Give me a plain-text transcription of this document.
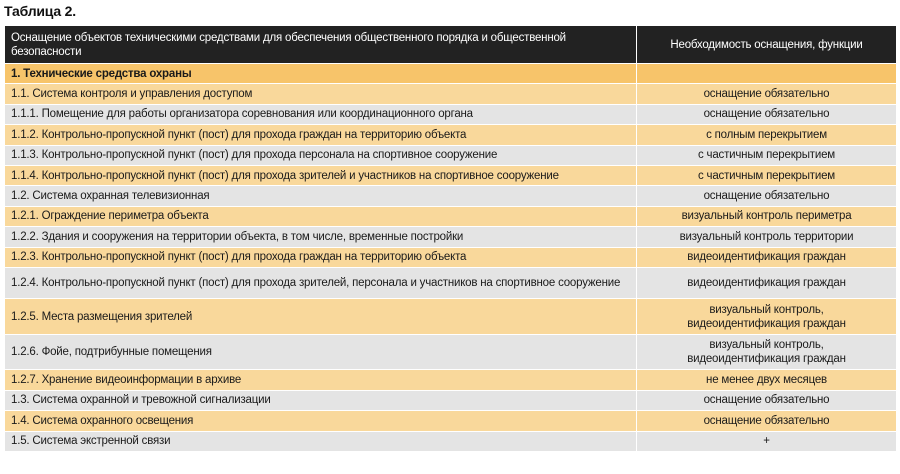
Таблица 2.
Оснащение объектов техническими средствами для обеспечения общественного порядка и общественной безопасности	Необходимость оснащения, функции
1. Технические средства охраны	
1.1. Система контроля и управления доступом	оснащение обязательно
1.1.1. Помещение для работы организатора соревнования или координационного органа	оснащение обязательно
1.1.2. Контрольно-пропускной пункт (пост) для прохода граждан на территорию объекта	с полным перекрытием
1.1.3. Контрольно-пропускной пункт (пост) для прохода персонала на спортивное сооружение	с частичным перекрытием
1.1.4. Контрольно-пропускной пункт (пост) для прохода зрителей и участников на спортивное сооружение	с частичным перекрытием
1.2. Система охранная телевизионная	оснащение обязательно
1.2.1. Ограждение периметра объекта	визуальный контроль периметра
1.2.2. Здания и сооружения на территории объекта, в том числе, временные постройки	визуальный контроль территории
1.2.3. Контрольно-пропускной пункт (пост) для прохода граждан на территорию объекта	видеоидентификация граждан
1.2.4. Контрольно-пропускной пункт (пост) для прохода зрителей, персонала и участников на спортивное сооружение	видеоидентификация граждан
1.2.5. Места размещения зрителей	визуальный контроль,
видеоидентификация граждан

1.2.6. Фойе, подтрибунные помещения	визуальный контроль,
видеоидентификация граждан

1.2.7. Хранение видеоинформации в архиве	не менее двух месяцев
1.3. Система охранной и тревожной сигнализации	оснащение обязательно
1.4. Система охранного освещения	оснащение обязательно
1.5. Система экстренной связи	+
